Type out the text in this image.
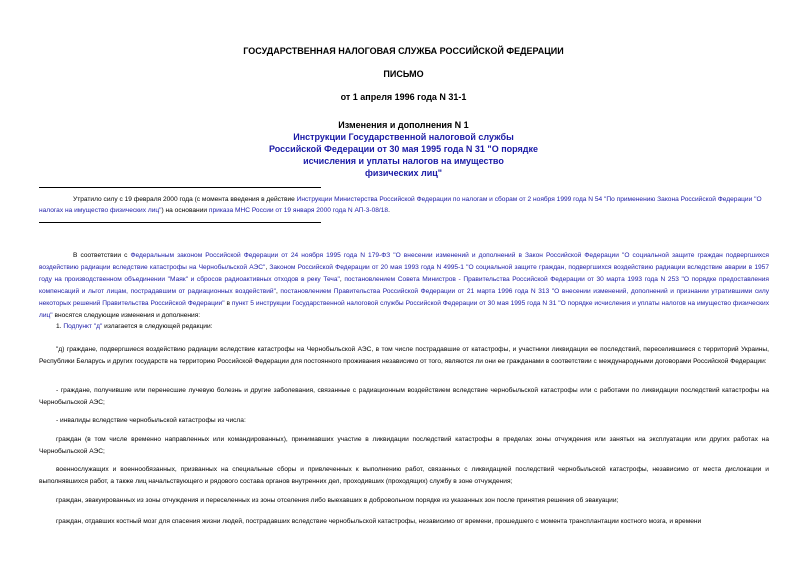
ГОСУДАРСТВЕННАЯ НАЛОГОВАЯ СЛУЖБА РОССИЙСКОЙ ФЕДЕРАЦИИ
ПИСЬМО
от 1 апреля 1996 года N 31-1
Изменения и дополнения N 1
Инструкции Государственной налоговой службы
Российской Федерации от 30 мая 1995 года N 31 "О порядке
исчисления и уплаты налогов на имущество
физических лиц"
Утратило силу с 19 февраля 2000 года (с момента введения в действие Инструкции Министерства Российской Федерации по налогам и сборам от 2 ноября 1999 года N 54 "По применению Закона Российской Федерации "О налогах на имущество физических лиц") на основании приказа МНС России от 19 января 2000 года N АП-3-08/18.
В соответствии с Федеральным законом Российской Федерации от 24 ноября 1995 года N 179-ФЗ "О внесении изменений и дополнений в Закон Российской Федерации "О социальной защите граждан подвергшихся воздействию радиации вследствие катастрофы на Чернобыльской АЭС", Законом Российской Федерации от 20 мая 1993 года N 4995-1 "О социальной защите граждан, подвергшихся воздействию радиации вследствие аварии в 1957 году на производственном объединении "Маяк" и сбросов радиоактивных отходов в реку Теча", постановлением Совета Министров - Правительства Российской Федерации от 30 марта 1993 года N 253 "О порядке предоставления компенсаций и льгот лицам, пострадавшим от радиационных воздействий", постановлением Правительства Российской Федерации от 21 марта 1996 года N 313 "О внесении изменений, дополнений и признании утратившими силу некоторых решений Правительства Российской Федерации" в пункт 5 инструкции Государственной налоговой службы Российской Федерации от 30 мая 1995 года N 31 "О порядке исчисления и уплаты налогов на имущество физических лиц" вносятся следующие изменения и дополнения:
1. Подпункт "д" излагается в следующей редакции:
"д) граждане, подвергшиеся воздействию радиации вследствие катастрофы на Чернобыльской АЭС, в том числе пострадавшие от катастрофы, и участники ликвидации ее последствий, переселившиеся с территорий Украины, Республики Беларусь и других государств на территорию Российской Федерации для постоянного проживания независимо от того, являются ли они ее гражданами в соответствии с международными договорами Российской Федерации:
- граждане, получившие или перенесшие лучевую болезнь и другие заболевания, связанные с радиационным воздействием вследствие чернобыльской катастрофы или с работами по ликвидации последствий катастрофы на Чернобыльской АЭС;
- инвалиды вследствие чернобыльской катастрофы из числа:
граждан (в том числе временно направленных или командированных), принимавших участие в ликвидации последствий катастрофы в пределах зоны отчуждения или занятых на эксплуатации или других работах на Чернобыльской АЭС;
военнослужащих и военнообязанных, призванных на специальные сборы и привлеченных к выполнению работ, связанных с ликвидацией последствий чернобыльской катастрофы, независимо от места дислокации и выполнявшихся работ, а также лиц начальствующего и рядового состава органов внутренних дел, проходивших (проходящих) службу в зоне отчуждения;
граждан, эвакуированных из зоны отчуждения и переселенных из зоны отселения либо выехавших в добровольном порядке из указанных зон после принятия решения об эвакуации;
граждан, отдавших костный мозг для спасения жизни людей, пострадавших вследствие чернобыльской катастрофы, независимо от времени, прошедшего с момента трансплантации костного мозга, и времени
